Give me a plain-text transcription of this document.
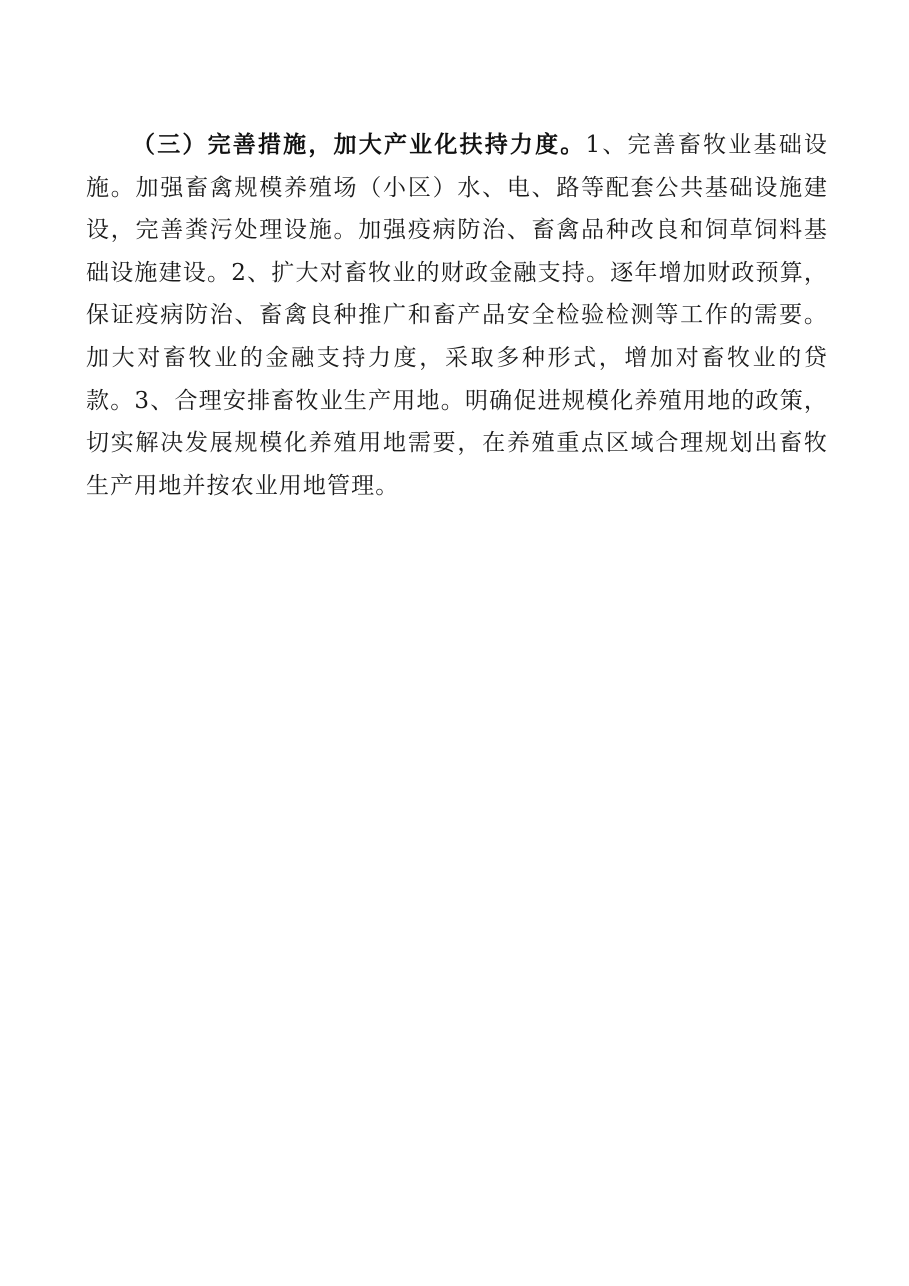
（三）完善措施，加大产业化扶持力度。1、完善畜牧业基础设施。加强畜禽规模养殖场（小区）水、电、路等配套公共基础设施建设，完善粪污处理设施。加强疫病防治、畜禽品种改良和饲草饲料基础设施建设。2、扩大对畜牧业的财政金融支持。逐年增加财政预算，保证疫病防治、畜禽良种推广和畜产品安全检验检测等工作的需要。加大对畜牧业的金融支持力度，采取多种形式，增加对畜牧业的贷款。3、合理安排畜牧业生产用地。明确促进规模化养殖用地的政策，切实解决发展规模化养殖用地需要，在养殖重点区域合理规划出畜牧生产用地并按农业用地管理。
